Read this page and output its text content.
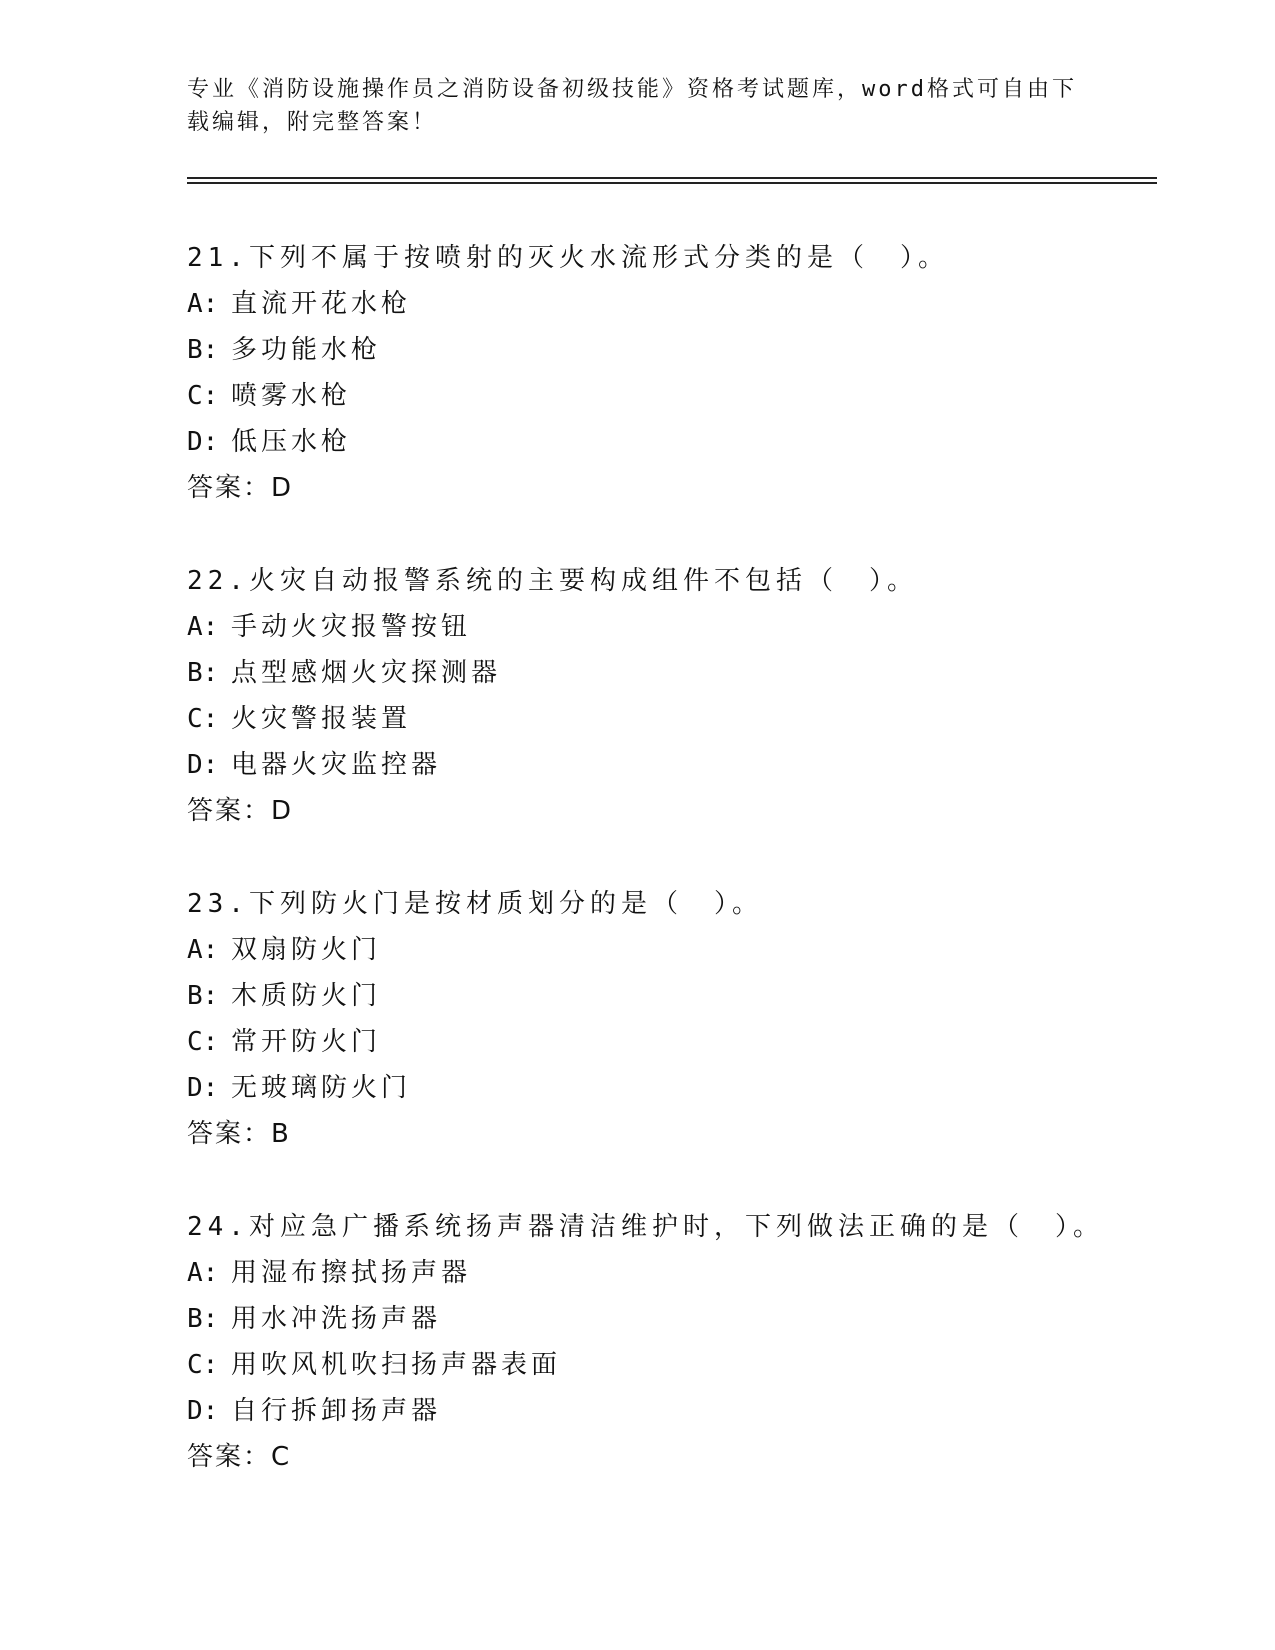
专业《消防设施操作员之消防设备初级技能》资格考试题库，word格式可自由下
载编辑，附完整答案！
21.下列不属于按喷射的灭火水流形式分类的是（　）。
A: 直流开花水枪
B: 多功能水枪
C: 喷雾水枪
D: 低压水枪
答案：D
22.火灾自动报警系统的主要构成组件不包括（　）。
A: 手动火灾报警按钮
B: 点型感烟火灾探测器
C: 火灾警报装置
D: 电器火灾监控器
答案：D
23.下列防火门是按材质划分的是（　）。
A: 双扇防火门
B: 木质防火门
C: 常开防火门
D: 无玻璃防火门
答案：B
24.对应急广播系统扬声器清洁维护时，下列做法正确的是（　）。
A: 用湿布擦拭扬声器
B: 用水冲洗扬声器
C: 用吹风机吹扫扬声器表面
D: 自行拆卸扬声器
答案：C
